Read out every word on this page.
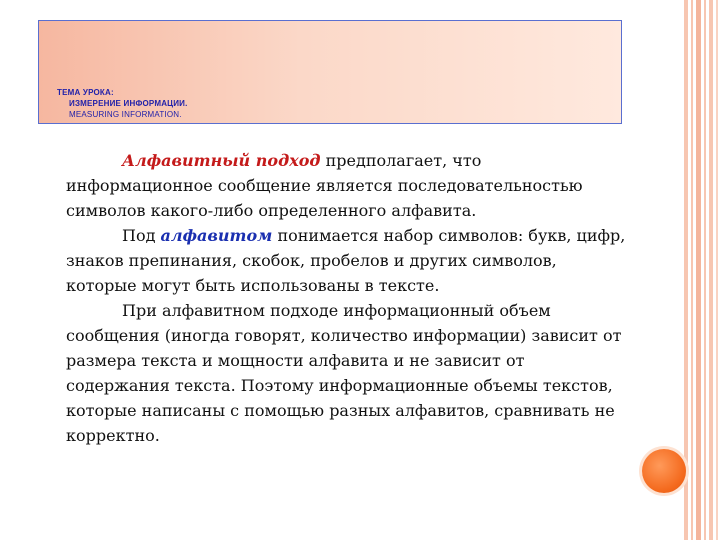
ТЕМА УРОКА:
ИЗМЕРЕНИЕ ИНФОРМАЦИИ.
MEASURING INFORMATION.

Алфавитный подход предполагает, что информационное сообщение является последовательностью символов какого-либо определенного алфавита.

Под алфавитом понимается набор символов: букв, цифр, знаков препинания, скобок, пробелов и других символов, которые могут быть использованы в тексте.

При алфавитном подходе информационный объем сообщения (иногда говорят, количество информации) зависит от размера текста и мощности алфавита и не зависит от содержания текста. Поэтому информационные объемы текстов, которые написаны с помощью разных алфавитов, сравнивать не корректно.
